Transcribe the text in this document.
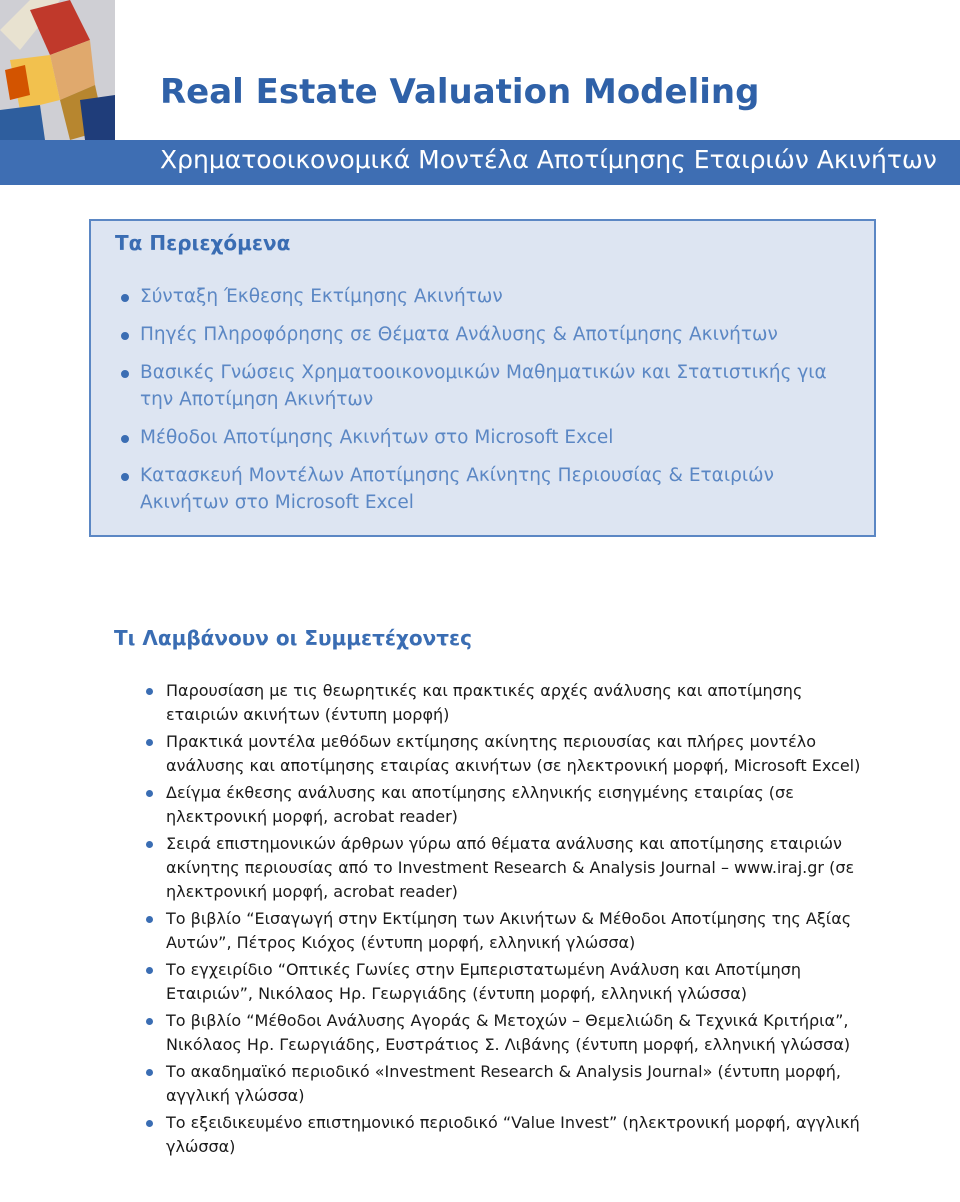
Real Estate Valuation Modeling
Χρηματοοικονομικά Μοντέλα Αποτίμησης Εταιριών Ακινήτων
Τα Περιεχόμενα
Σύνταξη Έκθεσης Εκτίμησης Ακινήτων
Πηγές Πληροφόρησης σε Θέματα Ανάλυσης & Αποτίμησης Ακινήτων
Βασικές Γνώσεις Χρηματοοικονομικών Μαθηματικών και Στατιστικής για την Αποτίμηση Ακινήτων
Μέθοδοι Αποτίμησης Ακινήτων στο Microsoft Excel
Κατασκευή Μοντέλων Αποτίμησης Ακίνητης Περιουσίας & Εταιριών Ακινήτων στο Microsoft Excel
Τι Λαμβάνουν οι Συμμετέχοντες
Παρουσίαση με τις θεωρητικές και πρακτικές αρχές ανάλυσης και αποτίμησης εταιριών ακινήτων (έντυπη μορφή)
Πρακτικά μοντέλα μεθόδων εκτίμησης ακίνητης περιουσίας και πλήρες μοντέλο ανάλυσης και αποτίμησης εταιρίας ακινήτων (σε ηλεκτρονική μορφή, Microsoft Excel)
Δείγμα έκθεσης ανάλυσης και αποτίμησης ελληνικής εισηγμένης εταιρίας (σε ηλεκτρονική μορφή, acrobat reader)
Σειρά επιστημονικών άρθρων γύρω από θέματα ανάλυσης και αποτίμησης εταιριών ακίνητης περιουσίας από το Investment Research & Analysis Journal – www.iraj.gr (σε ηλεκτρονική μορφή, acrobat reader)
Το βιβλίο “Εισαγωγή στην Εκτίμηση των Ακινήτων & Μέθοδοι Αποτίμησης της Αξίας Αυτών”, Πέτρος Κιόχος (έντυπη μορφή, ελληνική γλώσσα)
Το εγχειρίδιο “Οπτικές Γωνίες στην Εμπεριστατωμένη Ανάλυση και Αποτίμηση Εταιριών”, Νικόλαος Ηρ. Γεωργιάδης (έντυπη μορφή, ελληνική γλώσσα)
Το βιβλίο “Μέθοδοι Ανάλυσης Αγοράς & Μετοχών – Θεμελιώδη & Τεχνικά Κριτήρια”, Νικόλαος Ηρ. Γεωργιάδης, Ευστράτιος Σ. Λιβάνης (έντυπη μορφή, ελληνική γλώσσα)
Το ακαδημαϊκό περιοδικό «Investment Research & Analysis Journal» (έντυπη μορφή, αγγλική γλώσσα)
Το εξειδικευμένο επιστημονικό περιοδικό “Value Invest” (ηλεκτρονική μορφή, αγγλική γλώσσα)
